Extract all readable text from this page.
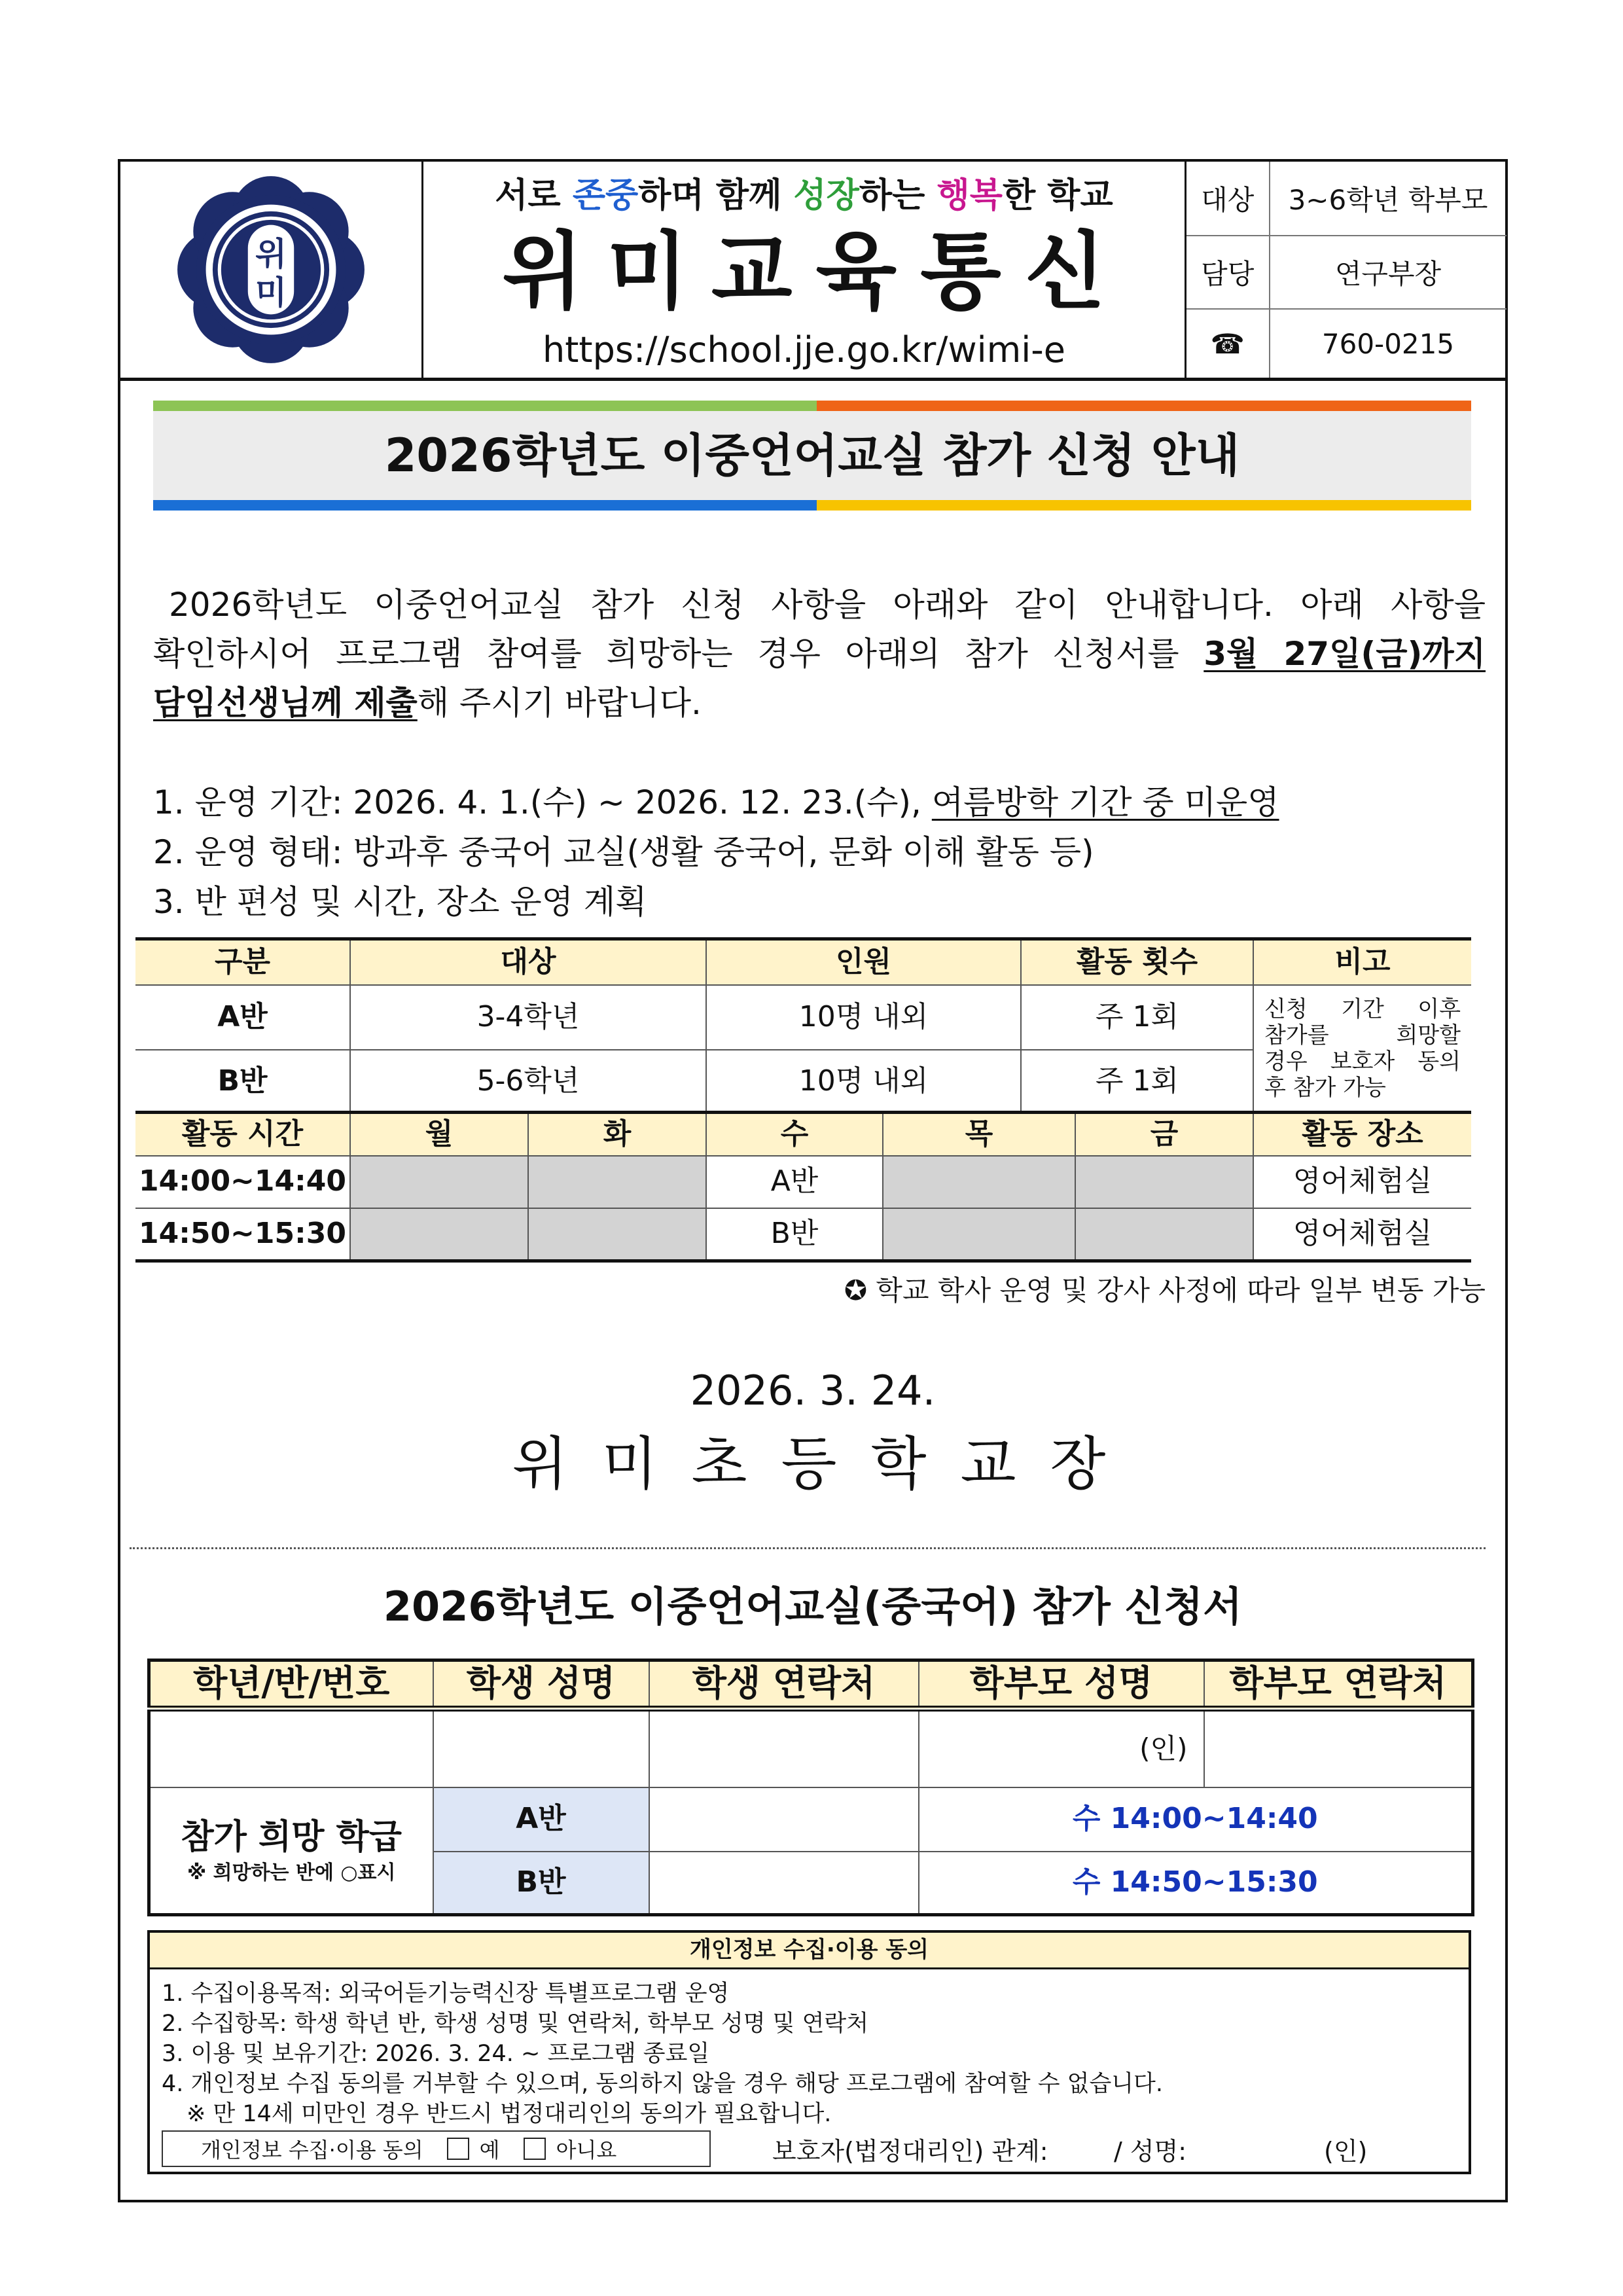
위
미
서로 존중하며 함께 성장하는 행복한 학교
위미교육통신
https://school.jje.go.kr/wimi-e
대상	3~6학년 학부모
담당	연구부장
☎	760-0215
2026학년도 이중언어교실 참가 신청 안내
2026학년도 이중언어교실 참가 신청 사항을 아래와 같이 안내합니다. 아래 사항을
확인하시어 프로그램 참여를 희망하는 경우 아래의 참가 신청서를 3월 27일(금)까지
담임선생님께 제출해 주시기 바랍니다.
1. 운영 기간: 2026. 4. 1.(수) ~ 2026. 12. 23.(수), 여름방학 기간 중 미운영
2. 운영 형태: 방과후 중국어 교실(생활 중국어, 문화 이해 활동 등)
3. 반 편성 및 시간, 장소 운영 계획
구분	대상	인원	활동 횟수	비고
A반	3-4학년	10명 내외	주 1회	신청 기간 이후
참가를 희망할
경우 보호자 동의
후 참가 가능

B반	5-6학년	10명 내외	주 1회	
활동 시간	월	화	수	목	금	활동 장소
14:00~14:40			A반			영어체험실
14:50~15:30			B반			영어체험실
✪ 학교 학사 운영 및 강사 사정에 따라 일부 변동 가능
2026. 3. 24.
위 미 초 등 학 교 장
2026학년도 이중언어교실(중국어) 참가 신청서
학년/반/번호	학생 성명	학생 연락처	학부모 성명	학부모 연락처
			(인)	

참가 희망 학급
※ 희망하는 반에 ○표시	A반		수 14:00~14:40	
	B반		수 14:50~15:30	
개인정보 수집·이용 동의
1. 수집이용목적: 외국어듣기능력신장 특별프로그램 운영
2. 수집항목: 학생 학년 반, 학생 성명 및 연락처, 학부모 성명 및 연락처
3. 이용 및 보유기간: 2026. 3. 24. ~ 프로그램 종료일
4. 개인정보 수집 동의를 거부할 수 있으며, 동의하지 않을 경우 해당 프로그램에 참여할 수 없습니다.
※ 만 14세 미만인 경우 반드시 법정대리인의 동의가 필요합니다.
개인정보 수집·이용 동의	예	아니요	보호자(법정대리인) 관계:	/ 성명:	(인)
